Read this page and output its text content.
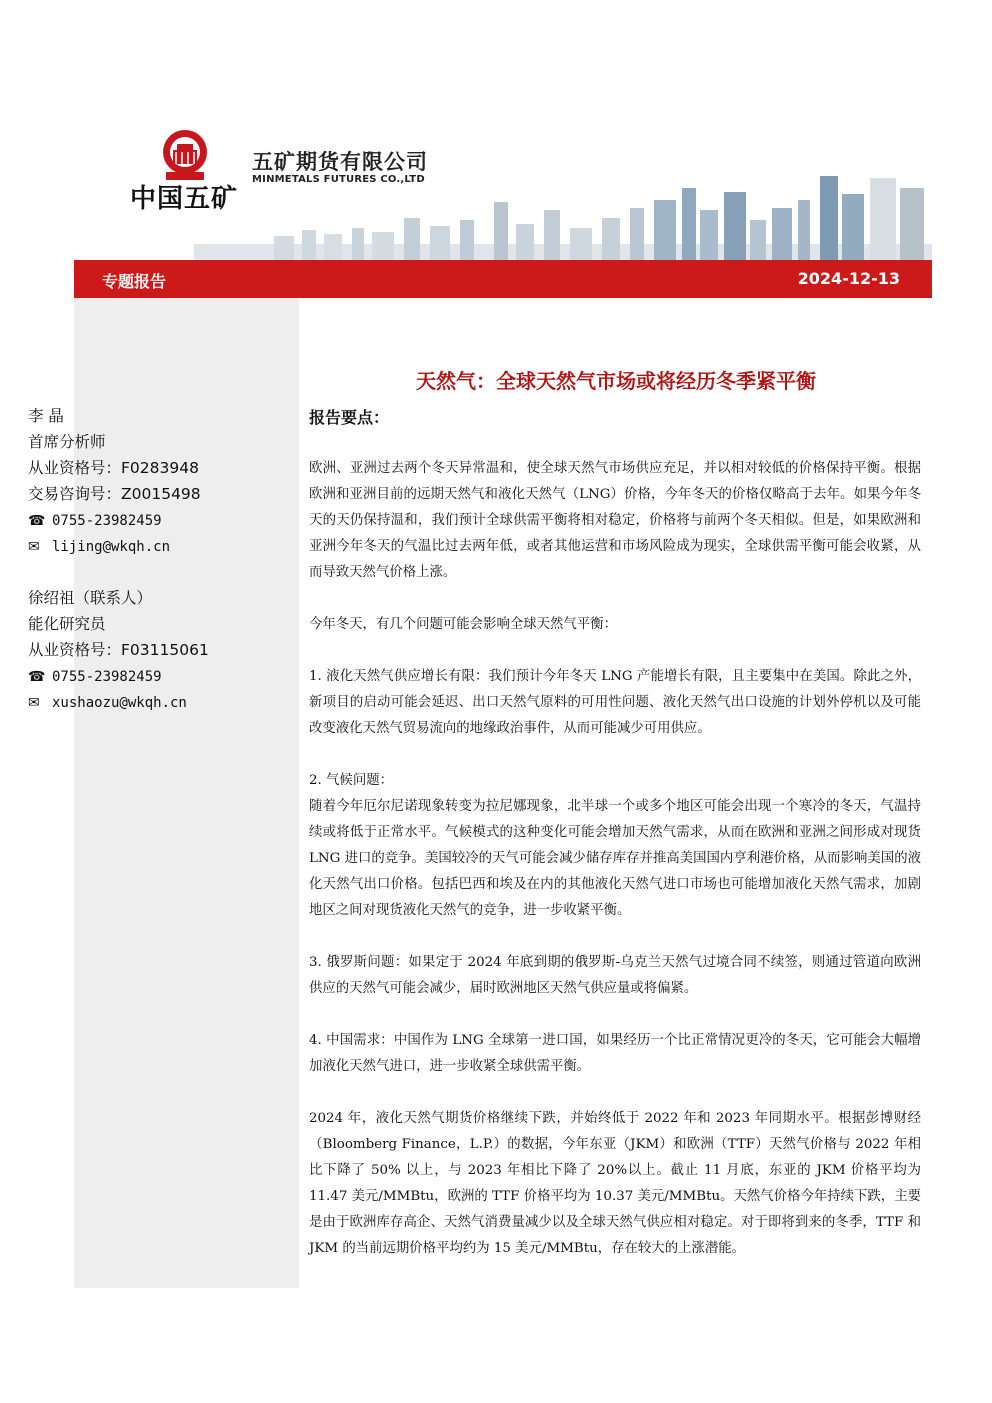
中国五矿
五矿期货有限公司
MINMETALS FUTURES CO.,LTD
专题报告	2024-12-13
李 晶
首席分析师
从业资格号：F0283948
交易咨询号：Z0015498
☎ 0755-23982459
✉ lijing@wkqh.cn
徐绍祖（联系人）
能化研究员
从业资格号：F03115061
☎ 0755-23982459
✉ xushaozu@wkqh.cn
天然气：全球天然气市场或将经历冬季紧平衡
报告要点：

欧洲、亚洲过去两个冬天异常温和，使全球天然气市场供应充足，并以相对较低的价格保持平衡。根据欧洲和亚洲目前的远期天然气和液化天然气（LNG）价格，今年冬天的价格仅略高于去年。如果今年冬天的天仍保持温和，我们预计全球供需平衡将相对稳定，价格将与前两个冬天相似。但是，如果欧洲和亚洲今年冬天的气温比过去两年低，或者其他运营和市场风险成为现实，全球供需平衡可能会收紧，从而导致天然气价格上涨。

今年冬天，有几个问题可能会影响全球天然气平衡：

1. 液化天然气供应增长有限：我们预计今年冬天 LNG 产能增长有限，且主要集中在美国。除此之外，新项目的启动可能会延迟、出口天然气原料的可用性问题、液化天然气出口设施的计划外停机以及可能改变液化天然气贸易流向的地缘政治事件，从而可能减少可用供应。

2. 气候问题：

随着今年厄尔尼诺现象转变为拉尼娜现象，北半球一个或多个地区可能会出现一个寒冷的冬天，气温持续或将低于正常水平。气候模式的这种变化可能会增加天然气需求，从而在欧洲和亚洲之间形成对现货 LNG 进口的竞争。美国较冷的天气可能会减少储存库存并推高美国国内亨利港价格，从而影响美国的液化天然气出口价格。包括巴西和埃及在内的其他液化天然气进口市场也可能增加液化天然气需求，加剧地区之间对现货液化天然气的竞争，进一步收紧平衡。

3. 俄罗斯问题：如果定于 2024 年底到期的俄罗斯-乌克兰天然气过境合同不续签，则通过管道向欧洲供应的天然气可能会减少，届时欧洲地区天然气供应量或将偏紧。

4. 中国需求：中国作为 LNG 全球第一进口国，如果经历一个比正常情况更冷的冬天，它可能会大幅增加液化天然气进口，进一步收紧全球供需平衡。

2024 年，液化天然气期货价格继续下跌，并始终低于 2022 年和 2023 年同期水平。根据彭博财经（Bloomberg Finance，L.P.）的数据，今年东亚（JKM）和欧洲（TTF）天然气价格与 2022 年相比下降了 50% 以上，与 2023 年相比下降了 20%以上。截止 11 月底，东亚的 JKM 价格平均为 11.47 美元/MMBtu，欧洲的 TTF 价格平均为 10.37 美元/MMBtu。天然气价格今年持续下跌，主要是由于欧洲库存高企、天然气消费量减少以及全球天然气供应相对稳定。对于即将到来的冬季，TTF 和 JKM 的当前远期价格平均约为 15 美元/MMBtu，存在较大的上涨潜能。
